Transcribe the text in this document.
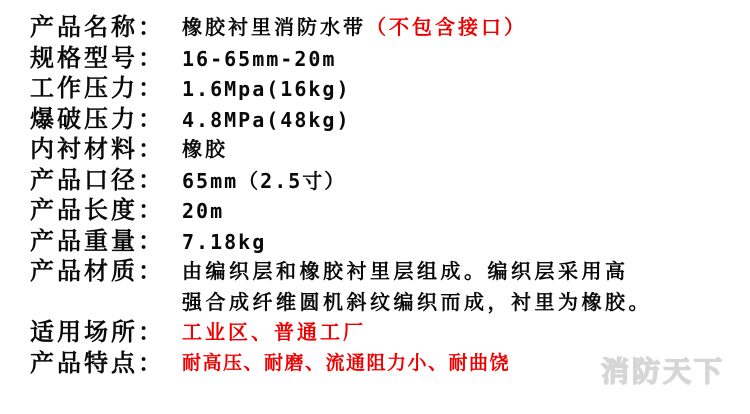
产品名称： 橡胶衬里消防水带 （不包含接口）
规格型号： 16-65mm-20m
工作压力： 1.6Mpa(16kg)
爆破压力： 4.8MPa(48kg)
内衬材料： 橡胶
产品口径： 65mm（2.5寸）
产品长度： 20m
产品重量： 7.18kg
产品材质： 由编织层和橡胶衬里层组成。编织层采用高
强合成纤维圆机斜纹编织而成，衬里为橡胶。
适用场所： 工业区、普通工厂
产品特点： 耐高压、耐磨、流通阻力小、耐曲饶	消防天下
